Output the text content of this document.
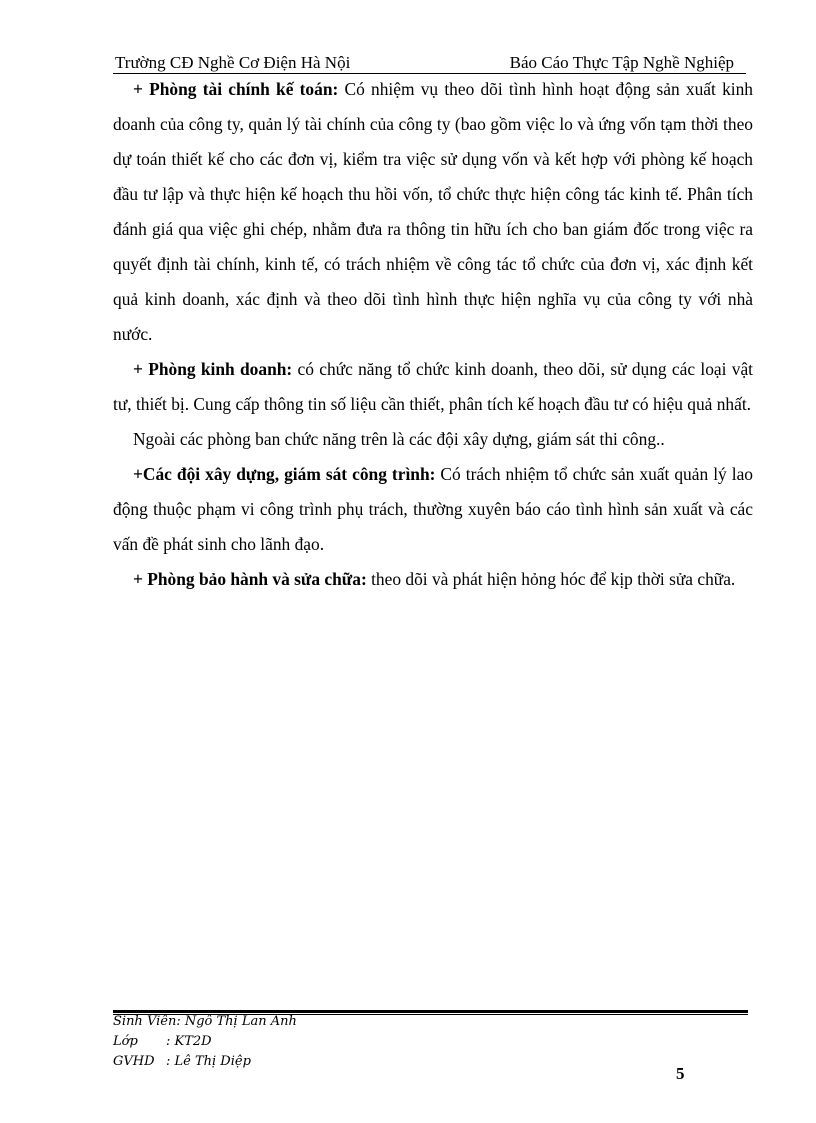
Trường CĐ Nghề Cơ Điện Hà Nội	Báo Cáo Thực Tập Nghề Nghiệp

+ Phòng tài chính kế toán: Có nhiệm vụ theo dõi tình hình hoạt động sản xuất kinh doanh của công ty, quản lý tài chính của công ty (bao gồm việc lo và ứng vốn tạm thời theo dự toán thiết kế cho các đơn vị, kiểm tra việc sử dụng vốn và kết hợp với phòng kế hoạch đầu tư lập và thực hiện kế hoạch thu hồi vốn, tổ chức thực hiện công tác kinh tế. Phân tích đánh giá qua việc ghi chép, nhằm đưa ra thông tin hữu ích cho ban giám đốc trong việc ra quyết định tài chính, kinh tế, có trách nhiệm về công tác tổ chức của đơn vị, xác định kết quả kinh doanh, xác định và theo dõi tình hình thực hiện nghĩa vụ của công ty với nhà nước.

+ Phòng kinh doanh: có chức năng tổ chức kinh doanh, theo dõi, sử dụng các loại vật tư, thiết bị. Cung cấp thông tin số liệu cần thiết, phân tích kế hoạch đầu tư có hiệu quả nhất.

Ngoài các phòng ban chức năng trên là các đội xây dựng, giám sát thi công..

+Các đội xây dựng, giám sát công trình: Có trách nhiệm tổ chức sản xuất quản lý lao động thuộc phạm vi công trình phụ trách, thường xuyên báo cáo tình hình sản xuất và các vấn đề phát sinh cho lãnh đạo.

+ Phòng bảo hành và sửa chữa: theo dõi và phát hiện hỏng hóc để kịp thời sửa chữa.

Sinh Viên:
Ngô Thị Lan Anh
Lớp	: KT2D
GVHD : Lê Thị Diệp
5
